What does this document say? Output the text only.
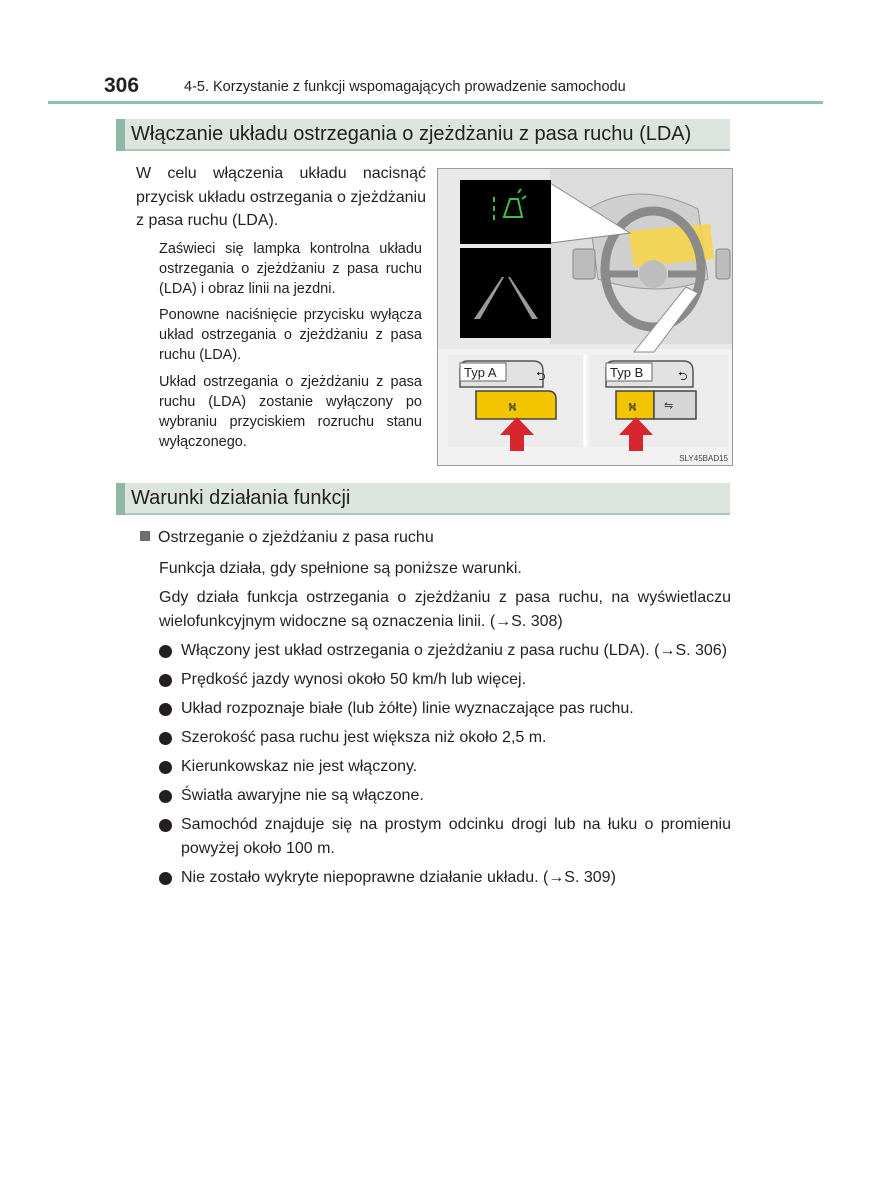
306	4-5. Korzystanie z funkcji wspomagających prowadzenie samochodu
Włączanie układu ostrzegania o zjeżdżaniu z pasa ruchu (LDA)
W celu włączenia układu nacisnąć przycisk układu ostrzegania o zjeżdżaniu z pasa ruchu (LDA).
Zaświeci się lampka kontrolna układu ostrzegania o zjeżdżaniu z pasa ruchu (LDA) i obraz linii na jezdni.
Ponowne naciśnięcie przycisku wyłącza układ ostrzegania o zjeżdżaniu z pasa ruchu (LDA).
Układ ostrzegania o zjeżdżaniu z pasa ruchu (LDA) zostanie wyłączony po wybraniu przyciskiem rozruchu stanu wyłączonego.
⮌
⛕
⮌
⛕ ⇋
Typ A	Typ B
SLY45BAD15
Warunki działania funkcji
Ostrzeganie o zjeżdżaniu z pasa ruchu
Funkcja działa, gdy spełnione są poniższe warunki.
Gdy działa funkcja ostrzegania o zjeżdżaniu z pasa ruchu, na wyświetlaczu wielofunkcyjnym widoczne są oznaczenia linii. (→S. 308)
Włączony jest układ ostrzegania o zjeżdżaniu z pasa ruchu (LDA). (→S. 306)
Prędkość jazdy wynosi około 50 km/h lub więcej.
Układ rozpoznaje białe (lub żółte) linie wyznaczające pas ruchu.
Szerokość pasa ruchu jest większa niż około 2,5 m.
Kierunkowskaz nie jest włączony.
Światła awaryjne nie są włączone.
Samochód znajduje się na prostym odcinku drogi lub na łuku o promieniu powyżej około 100 m.
Nie zostało wykryte niepoprawne działanie układu. (→S. 309)
